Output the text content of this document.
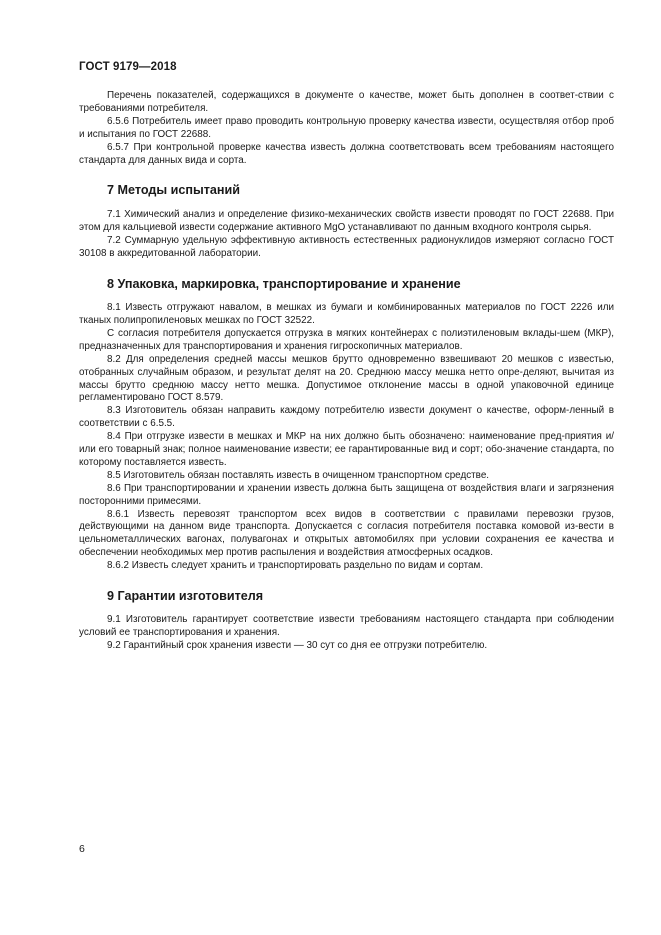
ГОСТ 9179—2018

Перечень показателей, содержащихся в документе о качестве, может быть дополнен в соответ-ствии с требованиями потребителя.

6.5.6 Потребитель имеет право проводить контрольную проверку качества извести, осуществляя отбор проб и испытания по ГОСТ 22688.

6.5.7 При контрольной проверке качества известь должна соответствовать всем требованиям настоящего стандарта для данных вида и сорта.

7 Методы испытаний

7.1 Химический анализ и определение физико-механических свойств извести проводят по ГОСТ 22688. При этом для кальциевой извести содержание активного MgO устанавливают по данным входного контроля сырья.

7.2 Суммарную удельную эффективную активность естественных радионуклидов измеряют согласно ГОСТ 30108 в аккредитованной лаборатории.

8 Упаковка, маркировка, транспортирование и хранение

8.1 Известь отгружают навалом, в мешках из бумаги и комбинированных материалов по ГОСТ 2226 или тканых полипропиленовых мешках по ГОСТ 32522.

С согласия потребителя допускается отгрузка в мягких контейнерах с полиэтиленовым вклады-шем (МКР), предназначенных для транспортирования и хранения гигроскопичных материалов.

8.2 Для определения средней массы мешков брутто одновременно взвешивают 20 мешков с известью, отобранных случайным образом, и результат делят на 20. Среднюю массу мешка нетто опре-деляют, вычитая из массы брутто среднюю массу нетто мешка. Допустимое отклонение массы в одной упаковочной единице регламентировано ГОСТ 8.579.

8.3 Изготовитель обязан направить каждому потребителю извести документ о качестве, оформ-ленный в соответствии с 6.5.5.

8.4 При отгрузке извести в мешках и МКР на них должно быть обозначено: наименование пред-приятия и/или его товарный знак; полное наименование извести; ее гарантированные вид и сорт; обо-значение стандарта, по которому поставляется известь.

8.5 Изготовитель обязан поставлять известь в очищенном транспортном средстве.

8.6 При транспортировании и хранении известь должна быть защищена от воздействия влаги и загрязнения посторонними примесями.

8.6.1 Известь перевозят транспортом всех видов в соответствии с правилами перевозки грузов, действующими на данном виде транспорта. Допускается с согласия потребителя поставка комовой из-вести в цельнометаллических вагонах, полувагонах и открытых автомобилях при условии сохранения ее качества и обеспечении необходимых мер против распыления и воздействия атмосферных осадков.

8.6.2 Известь следует хранить и транспортировать раздельно по видам и сортам.

9 Гарантии изготовителя

9.1 Изготовитель гарантирует соответствие извести требованиям настоящего стандарта при соблюдении условий ее транспортирования и хранения.

9.2 Гарантийный срок хранения извести — 30 сут со дня ее отгрузки потребителю.

6
